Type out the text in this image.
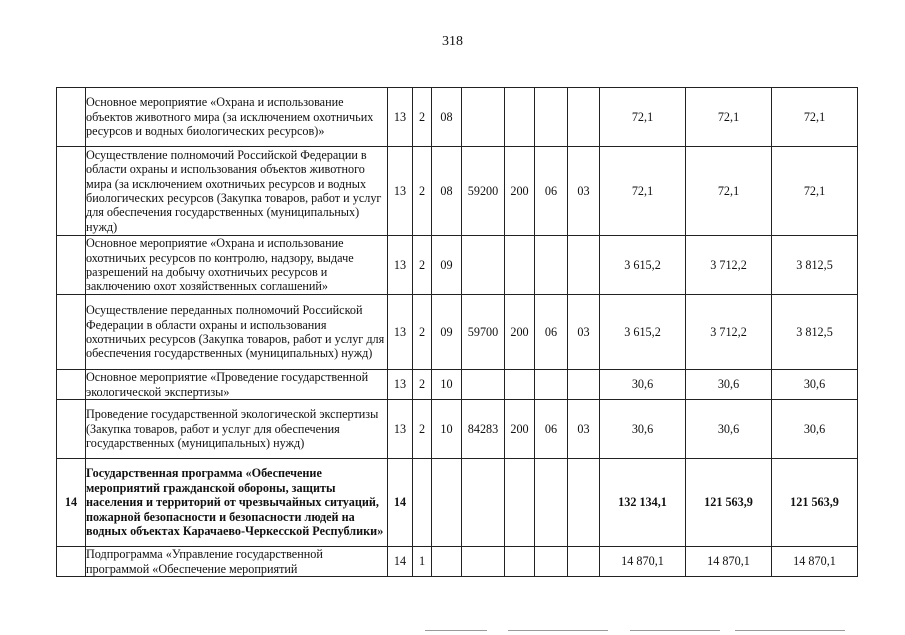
318
	Основное мероприятие «Охрана и использование объектов животного мира (за исключением охотничьих ресурсов и водных биологических ресурсов)»	13	2	08					72,1	72,1	72,1
	Осуществление полномочий Российской Федерации в области охраны и использования объектов животного мира (за исключением охотничьих ресурсов и водных биологических ресурсов (Закупка товаров, работ и услуг для обеспечения государственных (муниципальных) нужд)	13	2	08	59200	200	06	03	72,1	72,1	72,1
	Основное мероприятие «Охрана и использование охотничьих ресурсов по контролю, надзору, выдаче разрешений на добычу охотничьих ресурсов и заключению охот хозяйственных соглашений»	13	2	09					3 615,2	3 712,2	3 812,5
	Осуществление переданных полномочий Российской Федерации в области охраны и использования охотничьих ресурсов (Закупка товаров, работ и услуг для обеспечения государственных (муниципальных) нужд)	13	2	09	59700	200	06	03	3 615,2	3 712,2	3 812,5
	Основное мероприятие «Проведение государственной экологической экспертизы»	13	2	10					30,6	30,6	30,6
	Проведение государственной экологической экспертизы (Закупка товаров, работ и услуг для обеспечения государственных (муниципальных) нужд)	13	2	10	84283	200	06	03	30,6	30,6	30,6
14	Государственная программа «Обеспечение мероприятий гражданской обороны, защиты населения и территорий от чрезвычайных ситуаций, пожарной безопасности и безопасности людей на водных объектах Карачаево-Черкесской Республики»	14							132 134,1	121 563,9	121 563,9
	Подпрограмма «Управление государственной программой «Обеспечение мероприятий	14	1						14 870,1	14 870,1	14 870,1
